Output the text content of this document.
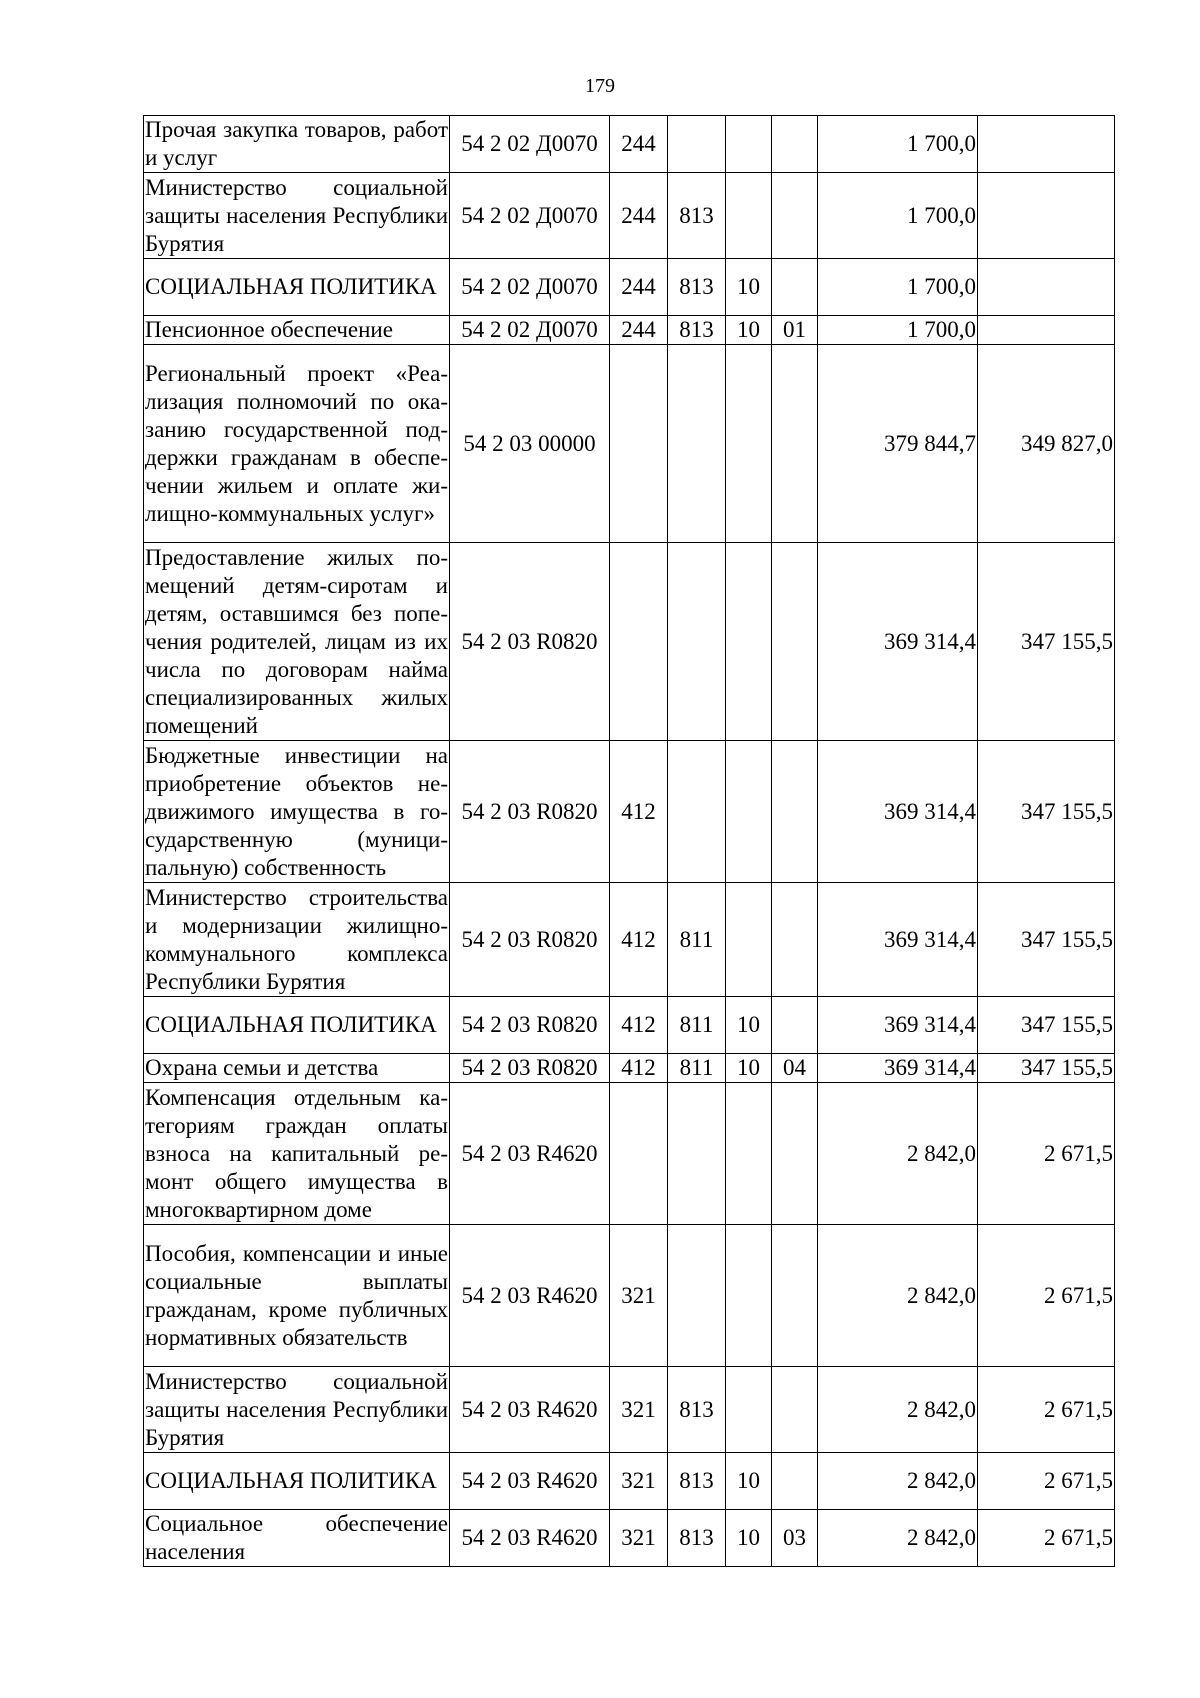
179
Прочая закупка товаров, работ и услуг	54 2 02 Д0070	244				1 700,0	
Министерство социальной защиты населения Республики Бурятия	54 2 02 Д0070	244	813			1 700,0	
СОЦИАЛЬНАЯ ПОЛИТИКА	54 2 02 Д0070	244	813	10		1 700,0	
Пенсионное обеспечение	54 2 02 Д0070	244	813	10	01	1 700,0	
Региональный проект «Реализация полномочий по оказанию государственной поддержки гражданам в обеспечении жильем и оплате жилищно-коммунальных услуг»	54 2 03 00000					379 844,7	349 827,0
Предоставление жилых помещений детям-сиротам и детям, оставшимся без попечения родителей, лицам из их числа по договорам найма специализированных жилых помещений	54 2 03 R0820					369 314,4	347 155,5
Бюджетные инвестиции на приобретение объектов недвижимого имущества в государственную (муниципальную) собственность	54 2 03 R0820	412				369 314,4	347 155,5
Министерство строительства и модернизации жилищно-коммунального комплекса Республики Бурятия	54 2 03 R0820	412	811			369 314,4	347 155,5
СОЦИАЛЬНАЯ ПОЛИТИКА	54 2 03 R0820	412	811	10		369 314,4	347 155,5
Охрана семьи и детства	54 2 03 R0820	412	811	10	04	369 314,4	347 155,5
Компенсация отдельным категориям граждан оплаты взноса на капитальный ремонт общего имущества в многоквартирном доме	54 2 03 R4620					2 842,0	2 671,5
Пособия, компенсации и иные социальные выплаты гражданам, кроме публичных нормативных обязательств	54 2 03 R4620	321				2 842,0	2 671,5
Министерство социальной защиты населения Республики Бурятия	54 2 03 R4620	321	813			2 842,0	2 671,5
СОЦИАЛЬНАЯ ПОЛИТИКА	54 2 03 R4620	321	813	10		2 842,0	2 671,5
Социальное обеспечение населения	54 2 03 R4620	321	813	10	03	2 842,0	2 671,5
